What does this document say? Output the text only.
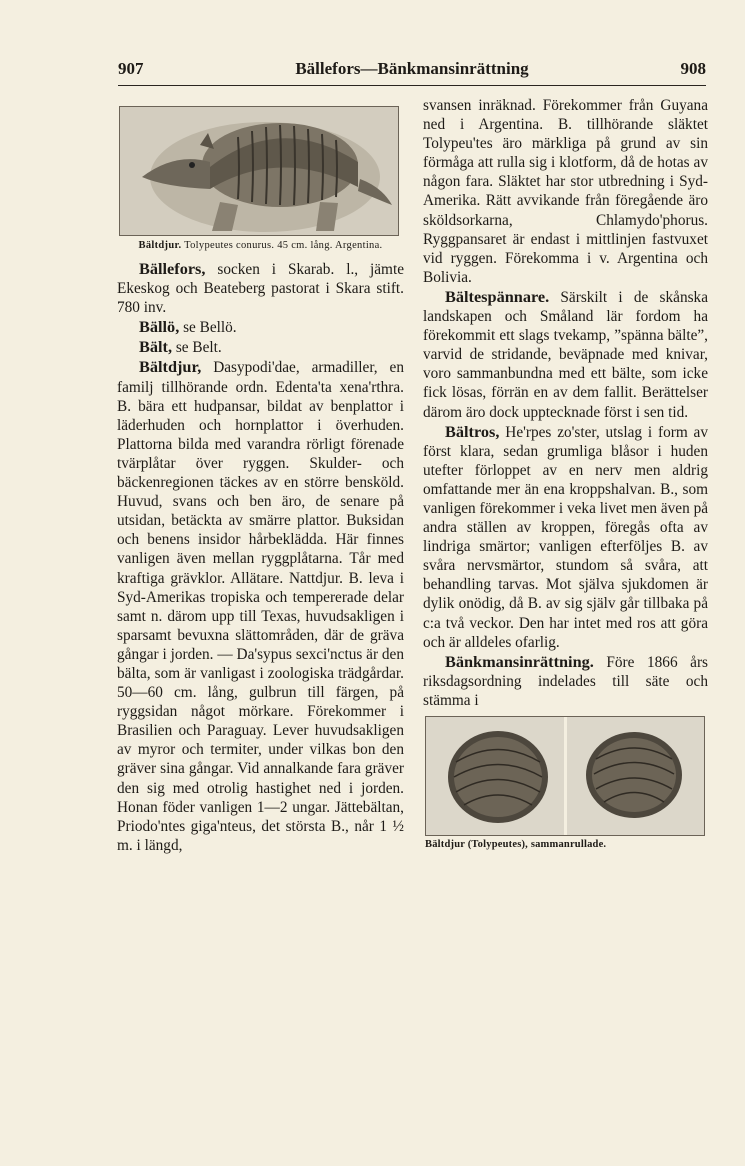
907	Bällefors—Bänkmansinrättning	908
Bältdjur. Tolypeutes conurus. 45 cm. lång. Argentina.

Bällefors, socken i Skarab. l., jämte Ekeskog och Beateberg pastorat i Skara stift. 780 inv.

Bällö, se Bellö.

Bält, se Belt.

Bältdjur, Dasypodi'dae, armadiller, en familj tillhörande ordn. Edenta'ta xena'rthra. B. bära ett hudpansar, bildat av benplattor i läderhuden och hornplattor i överhuden. Plattorna bilda med varandra rörligt förenade tvärplåtar över ryggen. Skulder- och bäckenregionen täckes av en större bensköld. Huvud, svans och ben äro, de senare på utsidan, betäckta av smärre plattor. Buksidan och benens insidor hårbeklädda. Här finnes vanligen även mellan ryggplåtarna. Tår med kraftiga grävklor. Allätare. Nattdjur. B. leva i Syd-Amerikas tropiska och tempererade delar samt n. därom upp till Texas, huvudsakligen i sparsamt bevuxna slättområden, där de gräva gångar i jorden. — Da'sypus sexci'nctus är den bälta, som är vanligast i zoologiska trädgårdar. 50—60 cm. lång, gulbrun till färgen, på ryggsidan något mörkare. Förekommer i Brasilien och Paraguay. Lever huvudsakligen av myror och termiter, under vilkas bon den gräver sina gångar. Vid annalkande fara gräver den sig med otrolig hastighet ned i jorden. Honan föder vanligen 1—2 ungar. Jättebältan, Priodo'ntes giga'nteus, det största B., når 1 ½ m. i längd,

svansen inräknad. Förekommer från Guyana ned i Argentina. B. tillhörande släktet Tolypeu'tes äro märkliga på grund av sin förmåga att rulla sig i klotform, då de hotas av någon fara. Släktet har stor utbredning i Syd-Amerika. Rätt avvikande från föregående äro sköldsorkarna, Chlamydo'phorus. Ryggpansaret är endast i mittlinjen fastvuxet vid ryggen. Förekomma i v. Argentina och Bolivia.

Bältespännare. Särskilt i de skånska landskapen och Småland lär fordom ha förekommit ett slags tvekamp, ”spänna bälte”, varvid de stridande, beväpnade med knivar, voro sammanbundna med ett bälte, som icke fick lösas, förrän en av dem fallit. Berättelser därom äro dock upptecknade först i sen tid.

Bältros, He'rpes zo'ster, utslag i form av först klara, sedan grumliga blåsor i huden utefter förloppet av en nerv men aldrig omfattande mer än ena kroppshalvan. B., som vanligen förekommer i veka livet men även på andra ställen av kroppen, föregås ofta av lindriga smärtor; vanligen efterföljes B. av svåra nervsmärtor, stundom så svåra, att behandling tarvas. Mot själva sjukdomen är dylik onödig, då B. av sig själv går tillbaka på c:a två veckor. Den har intet med ros att göra och är alldeles ofarlig.

Bänkmansinrättning. Före 1866 års riksdagsordning indelades till säte och stämma i

Bältdjur (Tolypeutes), sammanrullade.
